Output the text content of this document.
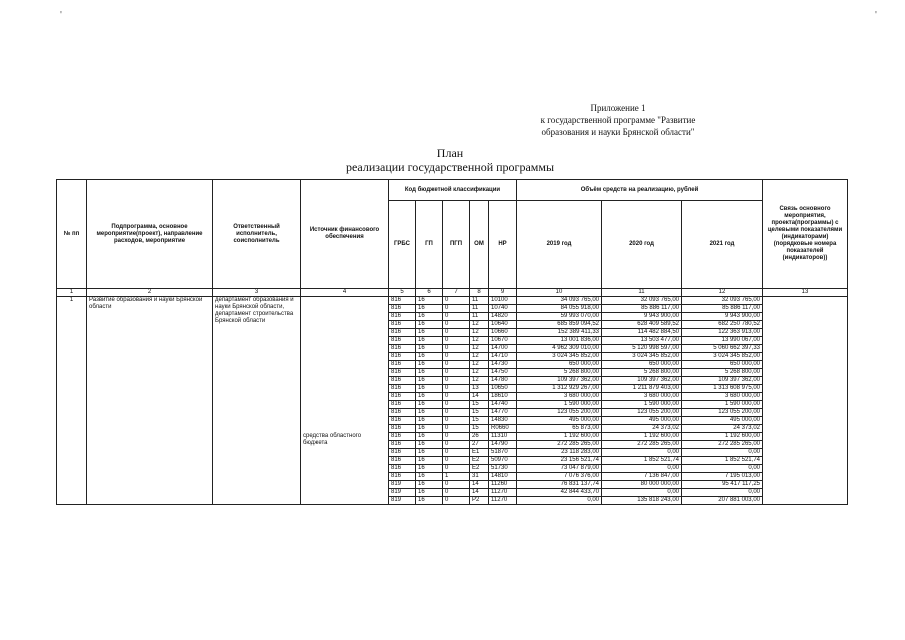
'	'
Приложение 1
к государственной программе "Развитие
образования и науки Брянской области"
План
реализации государственной программы
№ пп	Подпрограмма, основное мероприятие(проект), направление расходов, мероприятие	Ответственный исполнитель, соисполнитель	Источник финансового обеспечения	Код бюджетной классификации					Объём средств на реализацию, рублей			Связь основного мероприятия, проекта(программы) с целевыми показателями (индикаторами) (порядковые номера показателей (индикаторов))
				ГРБС	ГП	ПГП	ОМ	НР	2019 год	2020 год	2021 год	
1	2	3	4	5	6	7	8	9	10	11	12	13
1	Развитие образования и науки Брянской области	департамент образования и науки Брянской области, департамент строительства Брянской области	средства областного бюджета	816	16	0	11	10100	34 093 765,00	32 093 765,00	32 093 765,00	
				816	16	0	11	10740	84 055 918,00	85 886 117,00	85 886 117,00	
				816	16	0	11	14820	59 993 070,00	9 943 900,00	9 943 900,00	
				816	16	0	12	10640	685 859 094,52	628 409 589,52	682 250 780,52	
				816	16	0	12	10660	152 389 411,33	114 482 884,50	122 363 913,00	
				816	16	0	12	10670	13 001 836,00	13 503 477,00	13 990 067,00	
				816	16	0	12	14700	4 962 309 010,00	5 120 998 597,00	5 060 662 397,33	
				816	16	0	12	14710	3 024 345 852,00	3 024 345 852,00	3 024 345 852,00	
				816	16	0	12	14730	650 000,00	650 000,00	650 000,00	
				816	16	0	12	14750	5 268 800,00	5 268 800,00	5 268 800,00	
				816	16	0	12	14780	109 397 362,00	109 397 362,00	109 397 362,00	
				816	16	0	13	10650	1 312 929 267,00	1 211 879 403,00	1 313 608 975,00	
				816	16	0	14	18610	3 680 000,00	3 680 000,00	3 680 000,00	
				816	16	0	15	14740	1 590 000,00	1 590 000,00	1 590 000,00	
				816	16	0	15	14770	123 055 200,00	123 055 200,00	123 055 200,00	
				816	16	0	15	14830	495 000,00	495 000,00	495 000,00	
				816	16	0	15	R0660	65 873,00	24 373,02	24 373,02	
				816	16	0	26	11310	1 192 600,00	1 192 600,00	1 192 600,00	
				816	16	0	27	14790	272 285 265,00	272 285 265,00	272 285 265,00	
				816	16	0	E1	51870	23 118 283,00	0,00	0,00	
				816	16	0	E2	50970	23 156 521,74	1 852 521,74	1 852 521,74	
				816	16	0	E2	51730	73 047 879,00	0,00	0,00	
				816	16	1	31	14810	7 076 376,00	7 136 847,00	7 195 013,00	
				819	16	0	14	11260	76 831 137,74	80 000 000,00	95 417 117,25	
				819	16	0	14	11270	42 844 433,70	0,00	0,00	
				819	16	0	P2	11270	0,00	135 818 243,00	207 881 003,00	
